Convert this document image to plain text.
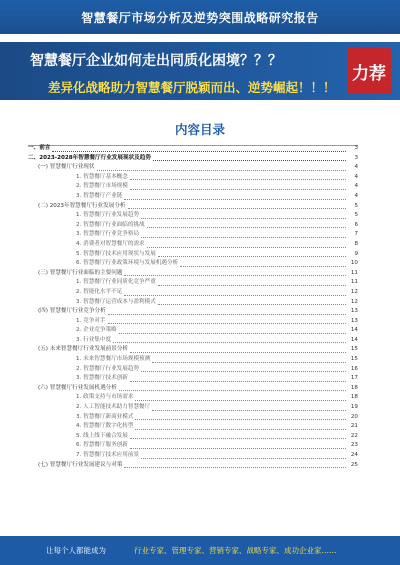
智慧餐厅市场分析及逆势突围战略研究报告
智慧餐厅企业如何走出同质化困境？？？
差异化战略助力智慧餐厅脱颖而出、逆势崛起！！！
力荐
内容目录
一、前言	3
二、2023-2028年智慧餐厅行业发展现状及趋势	3
(一) 智慧餐厅行业现状	4
1. 智慧餐厅基本概念	4
2. 智慧餐厅市场规模	4
3. 智慧餐厅产业链	4
(二) 2023年智慧餐厅行业发展分析	5
1. 智慧餐厅行业发展趋势	5
2. 智慧餐厅行业面临的挑战	6
3. 智慧餐厅行业竞争格局	7
4. 消费者对智慧餐厅的需求	8
5. 智慧餐厅技术应用现状与发展	9
6. 智慧餐厅行业政策环境与发展机遇分析	10
(三) 智慧餐厅行业面临的主要问题	11
1. 智慧餐厅行业同质化竞争严重	11
2. 智能化水平不足	12
3. 智慧餐厅运营成本与盈利模式	12
(四) 智慧餐厅行业竞争分析	13
1. 竞争对手	13
2. 企业竞争策略	14
3. 行业集中度	14
(五) 未来智慧餐厅行业发展前景分析	15
1. 未来智慧餐厅市场规模预测	15
2. 智慧餐厅行业发展趋势	16
3. 智慧餐厅技术创新	17
(六) 智慧餐厅行业发展机遇分析	18
1. 政策支持与市场需求	18
2. 人工智能技术助力智慧餐厅	19
3. 智慧餐厅新商业模式	20
4. 智慧餐厅数字化转型	21
5. 线上线下融合发展	22
6. 智慧餐厅服务创新	23
7. 智慧餐厅技术应用前景	24
(七) 智慧餐厅行业发展建议与对策	25
让每个人都能成为	行业专家、管理专家、营销专家、战略专家、成功企业家……
